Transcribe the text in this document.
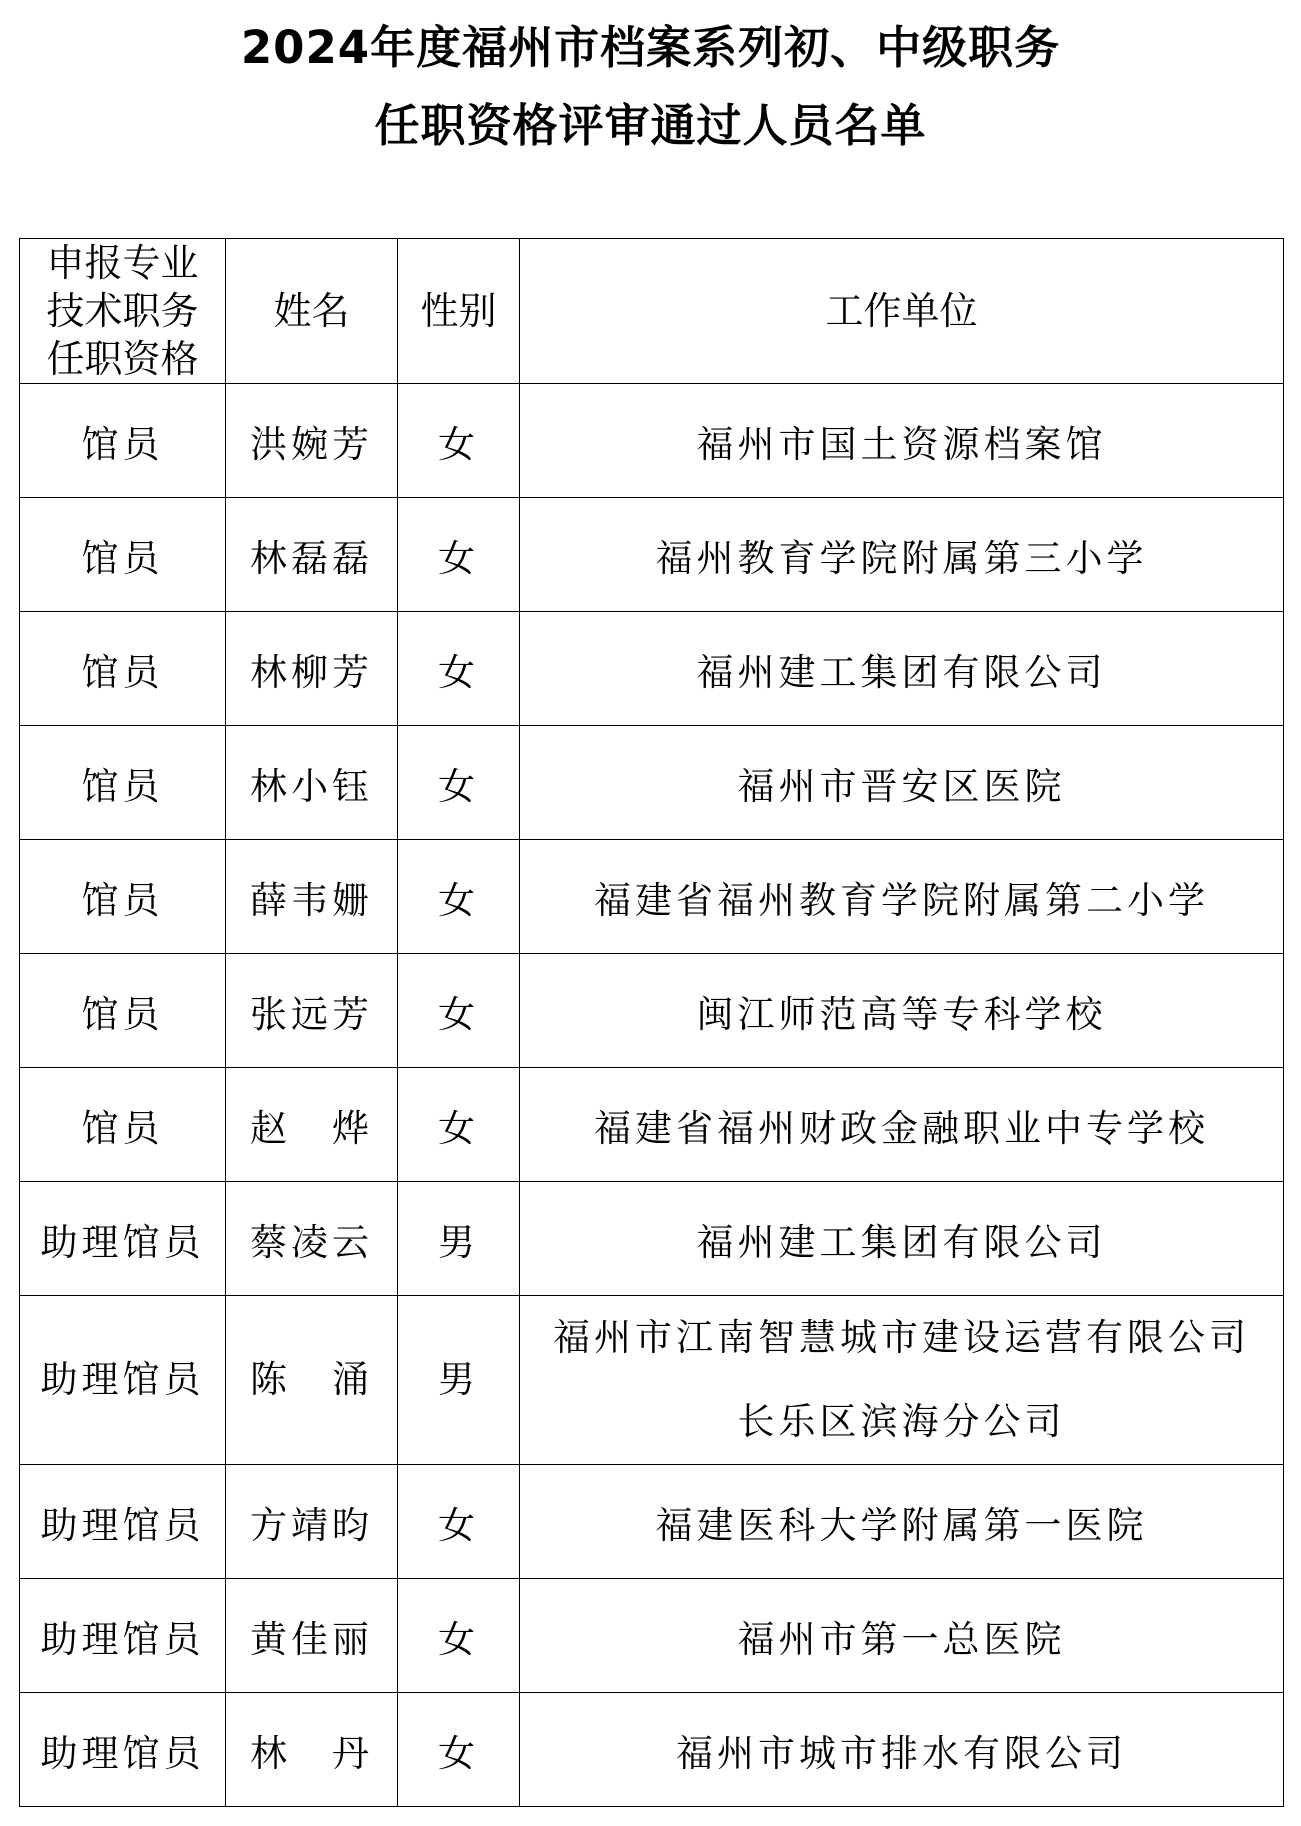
2024年度福州市档案系列初、中级职务
任职资格评审通过人员名单
申报专业
技术职务
任职资格	姓名	性别	工作单位
馆员	洪婉芳	女	福州市国土资源档案馆

馆员	林磊磊	女	福州教育学院附属第三小学

馆员	林柳芳	女	福州建工集团有限公司

馆员	林小钰	女	福州市晋安区医院

馆员	薛韦姗	女	福建省福州教育学院附属第二小学

馆员	张远芳	女	闽江师范高等专科学校

馆员	赵　烨	女	福建省福州财政金融职业中专学校

助理馆员	蔡凌云	男	福州建工集团有限公司

助理馆员	陈　涌	男	福州市江南智慧城市建设运营有限公司
长乐区滨海分公司

助理馆员	方靖昀	女	福建医科大学附属第一医院

助理馆员	黄佳丽	女	福州市第一总医院

助理馆员	林　丹	女	福州市城市排水有限公司
